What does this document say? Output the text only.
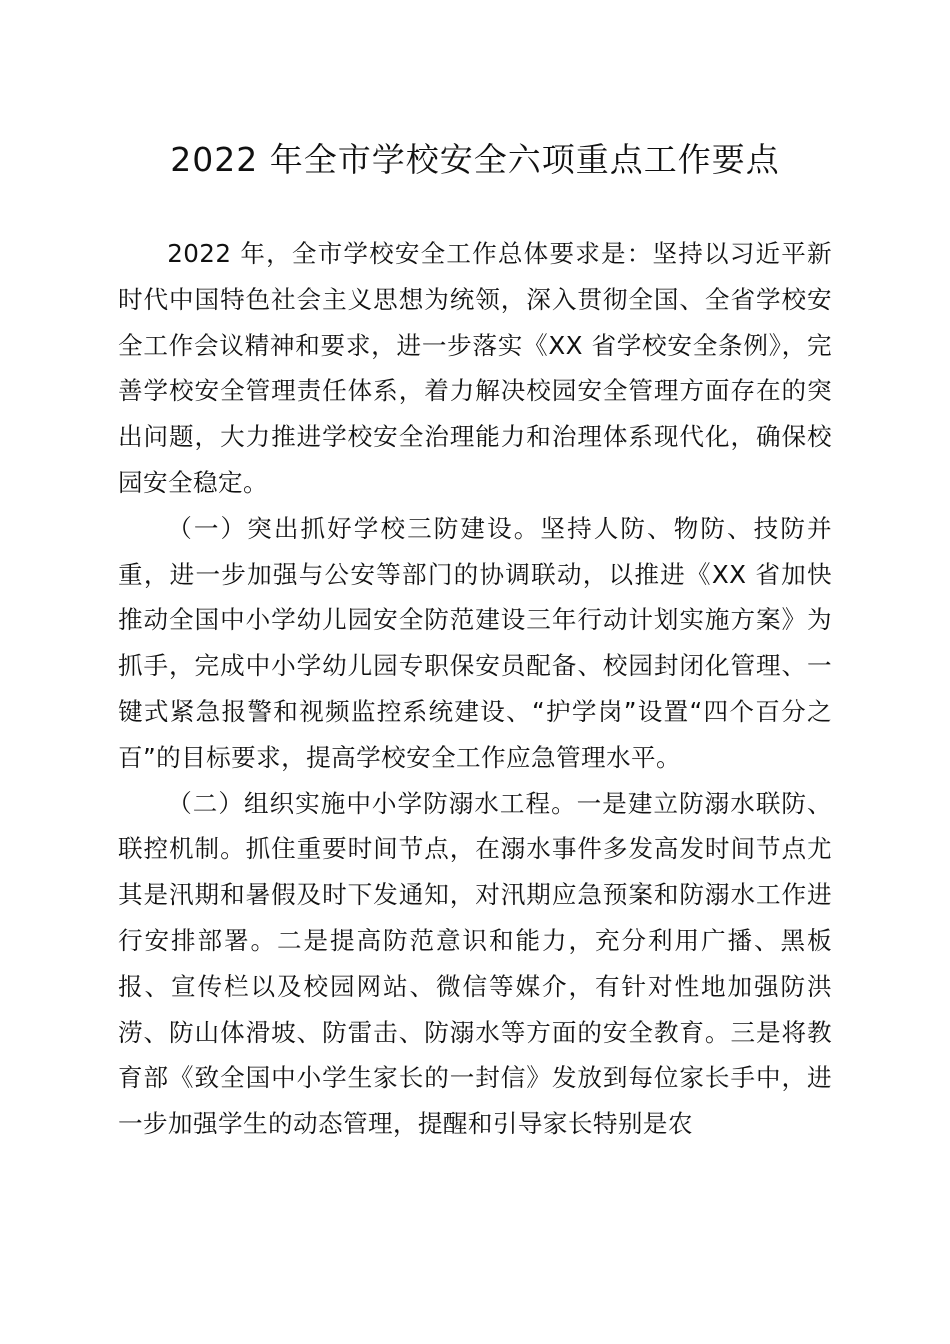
2022 年全市学校安全六项重点工作要点

2022 年，全市学校安全工作总体要求是：坚持以习近平新时代中国特色社会主义思想为统领，深入贯彻全国、全省学校安全工作会议精神和要求，进一步落实《XX 省学校安全条例》，完善学校安全管理责任体系，着力解决校园安全管理方面存在的突出问题，大力推进学校安全治理能力和治理体系现代化，确保校园安全稳定。

（一）突出抓好学校三防建设。坚持人防、物防、技防并重，进一步加强与公安等部门的协调联动，以推进《XX 省加快推动全国中小学幼儿园安全防范建设三年行动计划实施方案》为抓手，完成中小学幼儿园专职保安员配备、校园封闭化管理、一键式紧急报警和视频监控系统建设、“护学岗”设置“四个百分之百”的目标要求，提高学校安全工作应急管理水平。

（二）组织实施中小学防溺水工程。一是建立防溺水联防、联控机制。抓住重要时间节点，在溺水事件多发高发时间节点尤其是汛期和暑假及时下发通知，对汛期应急预案和防溺水工作进行安排部署。二是提高防范意识和能力，充分利用广播、黑板报、宣传栏以及校园网站、微信等媒介，有针对性地加强防洪涝、防山体滑坡、防雷击、防溺水等方面的安全教育。三是将教育部《致全国中小学生家长的一封信》发放到每位家长手中，进一步加强学生的动态管理，提醒和引导家长特别是农
